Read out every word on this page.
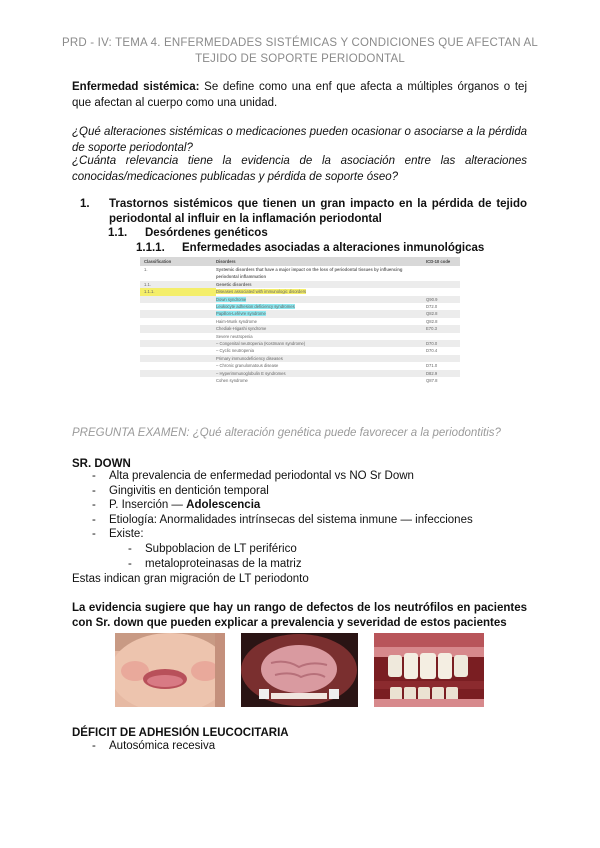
PRD - IV: TEMA 4. ENFERMEDADES SISTÉMICAS Y CONDICIONES QUE AFECTAN AL
TEJIDO DE SOPORTE PERIODONTAL
Enfermedad sistémica: Se define como una enf que afecta a múltiples órganos o tej que afectan al cuerpo como una unidad.
¿Qué alteraciones sistémicas o medicaciones pueden ocasionar o asociarse a la pérdida de soporte periodontal?
¿Cuánta relevancia tiene la evidencia de la asociación entre las alteraciones conocidas/medicaciones publicadas y pérdida de soporte óseo?
1. Trastornos sistémicos que tienen un gran impacto en la pérdida de tejido periodontal al influir en la inflamación periodontal
1.1. Desórdenes genéticos
1.1.1. Enfermedades asociadas a alteraciones inmunológicas
Classification	Disorders	ICD-10 code
1.	Systemic disorders that have a major impact on the loss of periodontal tissues by influencing periodontal inflammation
1.1.	Genetic disorders
1.1.1.	Diseases associated with immunologic disorders
Down syndrome	Q90.9
Leukocyte adhesion deficiency syndromes	D72.0
Papillon-Lefèvre syndrome	Q82.8
Haim-Munk syndrome	Q82.8
Chediak-Higashi syndrome	E70.3
Severe neutropenia
– Congenital neutropenia (Kostmann syndrome)	D70.0
– Cyclic neutropenia	D70.4
Primary immunodeficiency diseases
– Chronic granulomatous disease	D71.0
– Hyperimmunoglobulin E syndromes	D82.9
Cohen syndrome	Q87.8
PREGUNTA EXAMEN: ¿Qué alteración genética puede favorecer a la periodontitis?
SR. DOWN
- Alta prevalencia de enfermedad periodontal vs NO Sr Down
- Gingivitis en dentición temporal
- P. Inserción — Adolescencia
- Etiología: Anormalidades intrínsecas del sistema inmune — infecciones
- Existe:
- Subpoblacion de LT periférico
- metaloproteinasas de la matriz
Estas indican gran migración de LT periodonto
La evidencia sugiere que hay un rango de defectos de los neutrófilos en pacientes con Sr. down que pueden explicar a prevalencia y severidad de estos pacientes
DÉFICIT DE ADHESIÓN LEUCOCITARIA
- Autosómica recesiva
